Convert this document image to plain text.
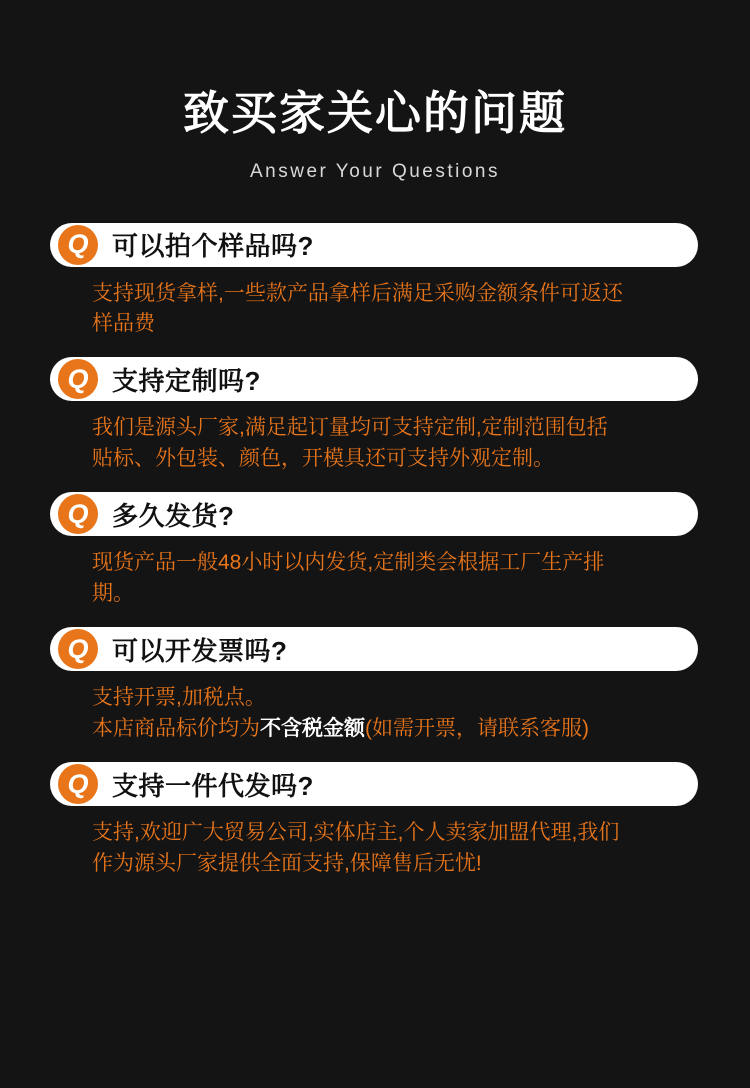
致买家关心的问题
Answer Your Questions
Q 可以拍个样品吗?
支持现货拿样,一些款产品拿样后满足采购金额条件可返还
样品费
Q 支持定制吗?
我们是源头厂家,满足起订量均可支持定制,定制范围包括
贴标、外包装、颜色，开模具还可支持外观定制。
Q 多久发货?
现货产品一般48小时以内发货,定制类会根据工厂生产排
期。
Q 可以开发票吗?
支持开票,加税点。
本店商品标价均为不含税金额(如需开票，请联系客服)
Q 支持一件代发吗?
支持,欢迎广大贸易公司,实体店主,个人卖家加盟代理,我们
作为源头厂家提供全面支持,保障售后无忧!
